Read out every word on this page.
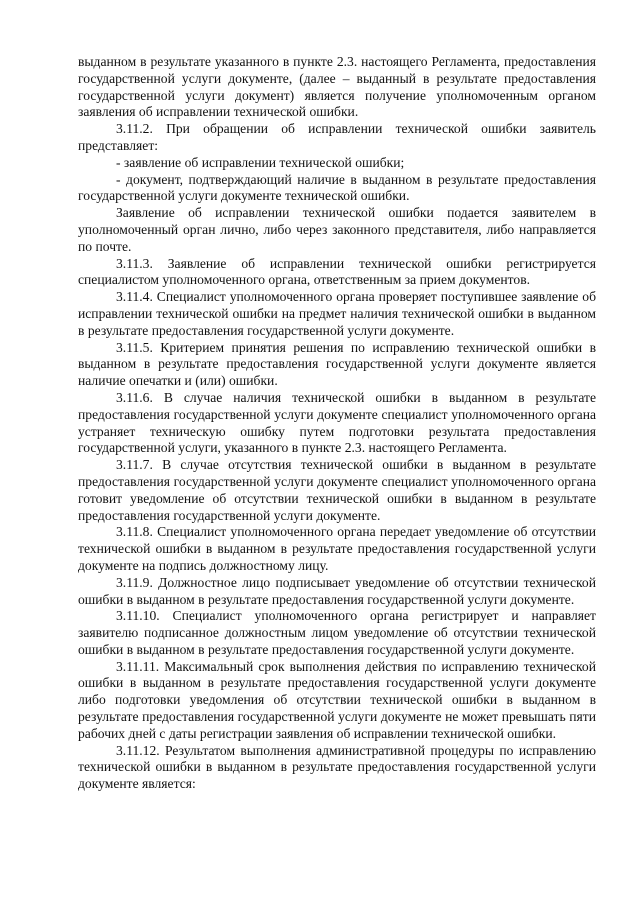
выданном в результате указанного в пункте 2.3. настоящего Регламента, предоставления государственной услуги документе, (далее – выданный в результате предоставления государственной услуги документ) является получение уполномоченным органом заявления об исправлении технической ошибки.

3.11.2. При обращении об исправлении технической ошибки заявитель представляет:

- заявление об исправлении технической ошибки;

- документ, подтверждающий наличие в выданном в результате предоставления государственной услуги документе технической ошибки.

Заявление об исправлении технической ошибки подается заявителем в уполномоченный орган лично, либо через законного представителя, либо направляется по почте.

3.11.3. Заявление об исправлении технической ошибки регистрируется специалистом уполномоченного органа, ответственным за прием документов.

3.11.4. Специалист уполномоченного органа проверяет поступившее заявление об исправлении технической ошибки на предмет наличия технической ошибки в выданном в результате предоставления государственной услуги документе.

3.11.5. Критерием принятия решения по исправлению технической ошибки в выданном в результате предоставления государственной услуги документе является наличие опечатки и (или) ошибки.

3.11.6. В случае наличия технической ошибки в выданном в результате предоставления государственной услуги документе специалист уполномоченного органа устраняет техническую ошибку путем подготовки результата предоставления государственной услуги, указанного в пункте 2.3. настоящего Регламента.

3.11.7. В случае отсутствия технической ошибки в выданном в результате предоставления государственной услуги документе специалист уполномоченного органа готовит уведомление об отсутствии технической ошибки в выданном в результате предоставления государственной услуги документе.

3.11.8. Специалист уполномоченного органа передает уведомление об отсутствии технической ошибки в выданном в результате предоставления государственной услуги документе на подпись должностному лицу.

3.11.9. Должностное лицо подписывает уведомление об отсутствии технической ошибки в выданном в результате предоставления государственной услуги документе.

3.11.10. Специалист уполномоченного органа регистрирует и направляет заявителю подписанное должностным лицом уведомление об отсутствии технической ошибки в выданном в результате предоставления государственной услуги документе.

3.11.11. Максимальный срок выполнения действия по исправлению технической ошибки в выданном в результате предоставления государственной услуги документе либо подготовки уведомления об отсутствии технической ошибки в выданном в результате предоставления государственной услуги документе не может превышать пяти рабочих дней с даты регистрации заявления об исправлении технической ошибки.

3.11.12. Результатом выполнения административной процедуры по исправлению технической ошибки в выданном в результате предоставления государственной услуги документе является:
